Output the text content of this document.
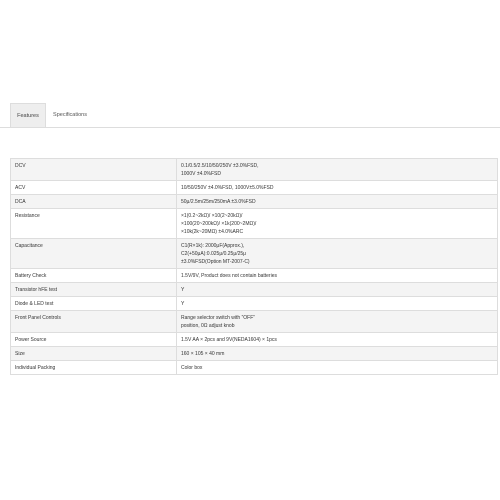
Features	Specifications
DCV	0.1/0.5/2.5/10/50/250V ±3.0%FSD,
1000V ±4.0%FSD
ACV	10/50/250V ±4.0%FSD, 1000V±5.0%FSD
DCA	50μ/2.5m/25m/250mA ±3.0%FSD
Resistance	×1(0.2~2kΩ)/ ×10(2~20kΩ)/
×100(20~200kΩ)/ ×1k(200~2MΩ)/
×10k(2k~20MΩ) ±4.0%ARC
Capacitance	C1(R×1k): 2000μF(Approx.),
C2(+50μA):0.025μ/0.25μ/25μ
±3.0%FSD(Option MT-2007-C)
Battery Check	1.5V/9V, Product does not contain batteries
Transistor hFE test	Y
Diode & LED test	Y
Front Panel Controls	Range selector switch with “OFF”
position, 0Ω adjust knob
Power Source	1.5V AA × 2pcs and 9V(NEDA1604) × 1pcs
Size	160 × 105 × 40 mm
Individual Packing	Color box
